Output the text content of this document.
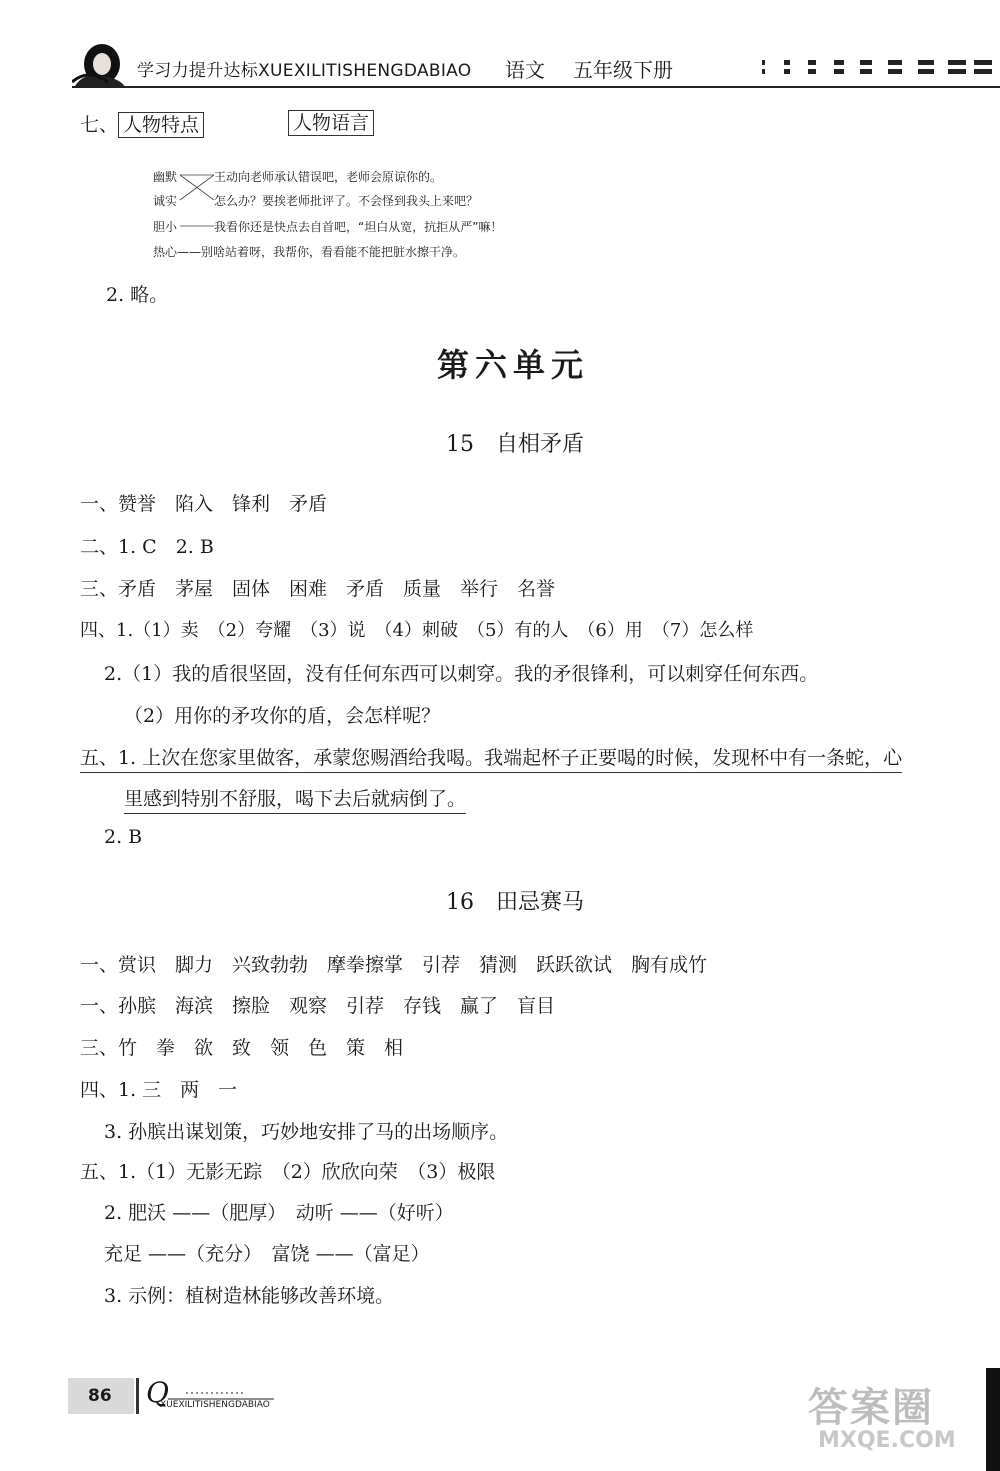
学习力提升达标XUEXILITISHENGDABIAO 语文 五年级下册
七、 人物特点	人物语言
幽默	王动向老师承认错误吧，老师会原谅你的。
诚实	怎么办？要挨老师批评了。不会怪到我头上来吧？
胆小	我看你还是快点去自首吧，“坦白从宽，抗拒从严”嘛！
热心——别啥站着呀，我帮你，看看能不能把脏水擦干净。
2. 略。
第六单元
15　自相矛盾
一、赞誉　陷入　锋利　矛盾
二、1. C　2. B
三、矛盾　茅屋　固体　困难　矛盾　质量　举行　名誉
四、1.（1）卖　（2）夸耀　（3）说　（4）刺破　（5）有的人　（6）用　（7）怎么样
2.（1）我的盾很坚固，没有任何东西可以刺穿。我的矛很锋利，可以刺穿任何东西。
（2）用你的矛攻你的盾，会怎样呢？
五、1. 上次在您家里做客，承蒙您赐酒给我喝。我端起杯子正要喝的时候，发现杯中有一条蛇，心
里感到特别不舒服，喝下去后就病倒了。
2. B
16　田忌赛马
一、赏识　脚力　兴致勃勃　摩拳擦掌　引荐　猜测　跃跃欲试　胸有成竹
一、孙膑　海滨　擦脸　观察　引荐　存钱　赢了　盲目
三、竹　拳　欲　致　领　色　策　相
四、1. 三　两　一
3. 孙膑出谋划策，巧妙地安排了马的出场顺序。
五、1.（1）无影无踪　（2）欣欣向荣　（3）极限
2. 肥沃 ——（肥厚）　动听 ——（好听）
充足 ——（充分）　富饶 ——（富足）
3. 示例：植树造林能够改善环境。
86 Q
XUEXILITISHENGDABIAO	答案圈
MXQE.COM
